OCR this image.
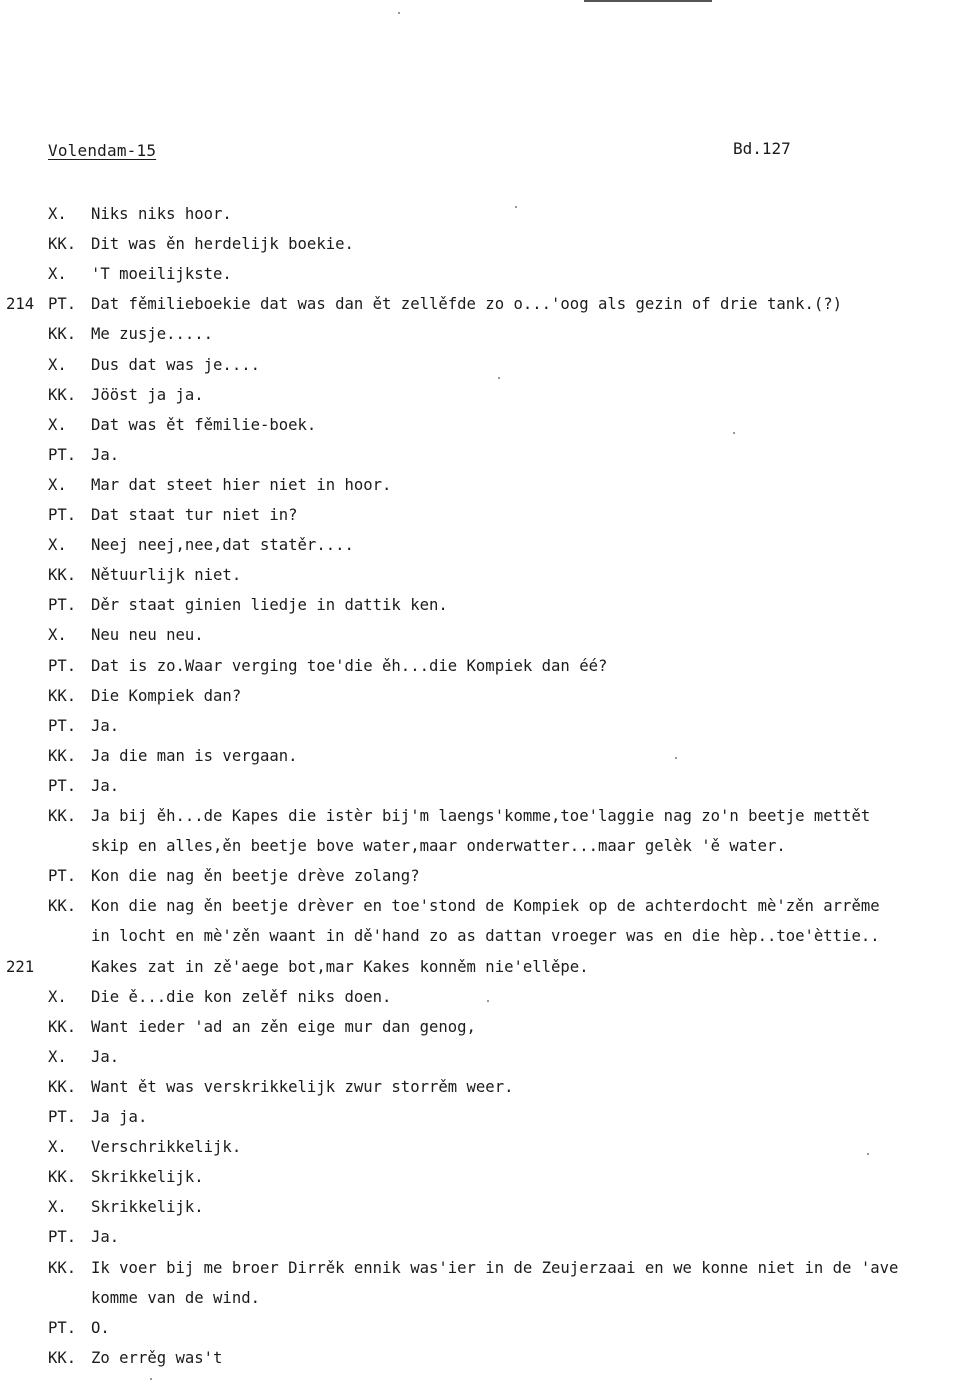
Volendam-15	Bd.127
X. Niks niks hoor.
KK. Dit was ěn herdelijk boekie.
X. 'T moeilijkste.
214 PT. Dat fěmilieboekie dat was dan ět zellěfde zo o...'oog als gezin of drie tank.(?)
KK. Me zusje.....
X. Dus dat was je....
KK. Jööst ja ja.
X. Dat was ět fěmilie-boek.
PT. Ja.
X. Mar dat steet hier niet in hoor.
PT. Dat staat tur niet in?
X. Neej neej,nee,dat statěr....
KK. Nětuurlijk niet.
PT. Děr staat ginien liedje in dattik ken.
X. Neu neu neu.
PT. Dat is zo.Waar verging toe'die ěh...die Kompiek dan éé?
KK. Die Kompiek dan?
PT. Ja.
KK. Ja die man is vergaan.
PT. Ja.
KK. Ja bij ěh...de Kapes die istèr bij'm laengs'komme,toe'laggie nag zo'n beetje mettět
skip en alles,ěn beetje bove water,maar onderwatter...maar gelèk 'ě water.
PT. Kon die nag ěn beetje drève zolang?
KK. Kon die nag ěn beetje drèver en toe'stond de Kompiek op de achterdocht mè'zěn arrěme
in locht en mè'zěn waant in dě'hand zo as dattan vroeger was en die hèp..toe'èttie..
221	Kakes zat in zě'aege bot,mar Kakes konněm nie'ellěpe.
X. Die ě...die kon zelěf niks doen.
KK. Want ieder 'ad an zěn eige mur dan genog,
X. Ja.
KK. Want ět was verskrikkelijk zwur storrěm weer.
PT. Ja ja.
X. Verschrikkelijk.
KK. Skrikkelijk.
X. Skrikkelijk.
PT. Ja.
KK. Ik voer bij me broer Dirrěk ennik was'ier in de Zeujerzaai en we konne niet in de 'ave
komme van de wind.
PT. O.
KK. Zo errěg was't
